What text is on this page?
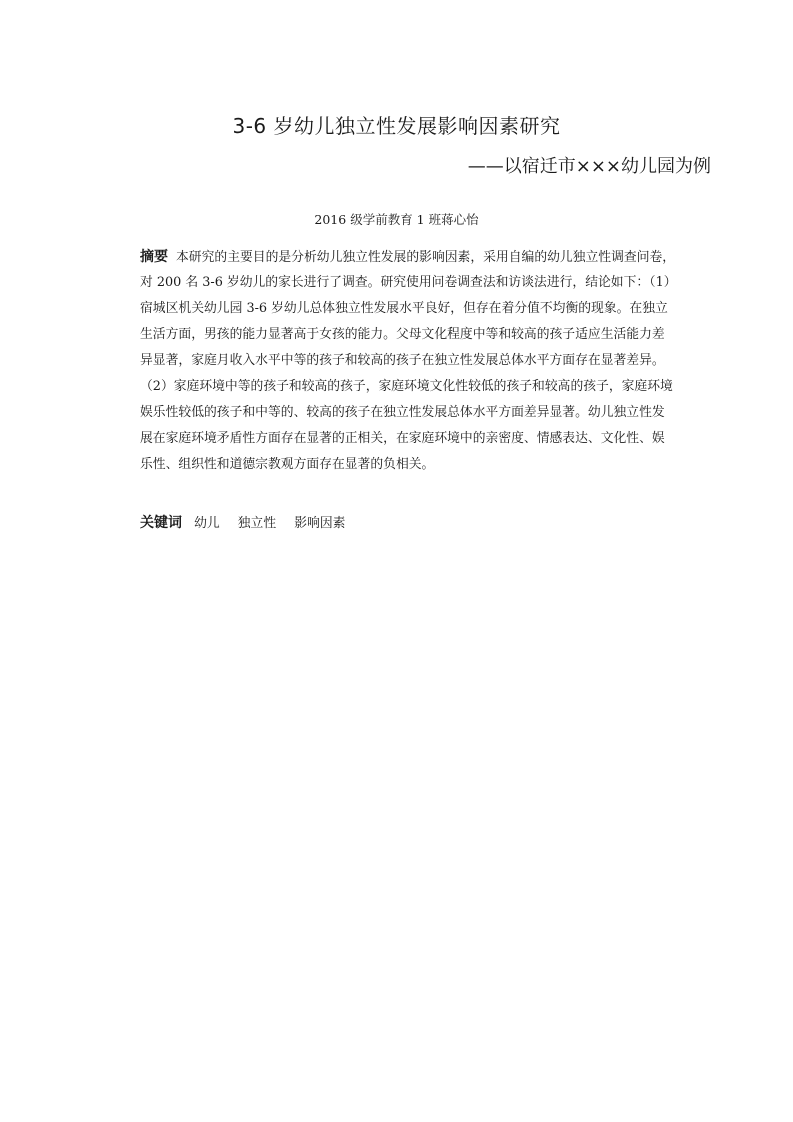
3-6 岁幼儿独立性发展影响因素研究
——以宿迁市×××幼儿园为例
2016 级学前教育 1 班蒋心怡
摘要 本研究的主要目的是分析幼儿独立性发展的影响因素，采用自编的幼儿独立性调查问卷，
对 200 名 3-6 岁幼儿的家长进行了调查。研究使用问卷调查法和访谈法进行，结论如下：（1）
宿城区机关幼儿园 3-6 岁幼儿总体独立性发展水平良好，但存在着分值不均衡的现象。在独立
生活方面，男孩的能力显著高于女孩的能力。父母文化程度中等和较高的孩子适应生活能力差
异显著，家庭月收入水平中等的孩子和较高的孩子在独立性发展总体水平方面存在显著差异。
（2）家庭环境中等的孩子和较高的孩子，家庭环境文化性较低的孩子和较高的孩子，家庭环境
娱乐性较低的孩子和中等的、较高的孩子在独立性发展总体水平方面差异显著。幼儿独立性发
展在家庭环境矛盾性方面存在显著的正相关，在家庭环境中的亲密度、情感表达、文化性、娱
乐性、组织性和道德宗教观方面存在显著的负相关。
关键词 幼儿 独立性 影响因素
